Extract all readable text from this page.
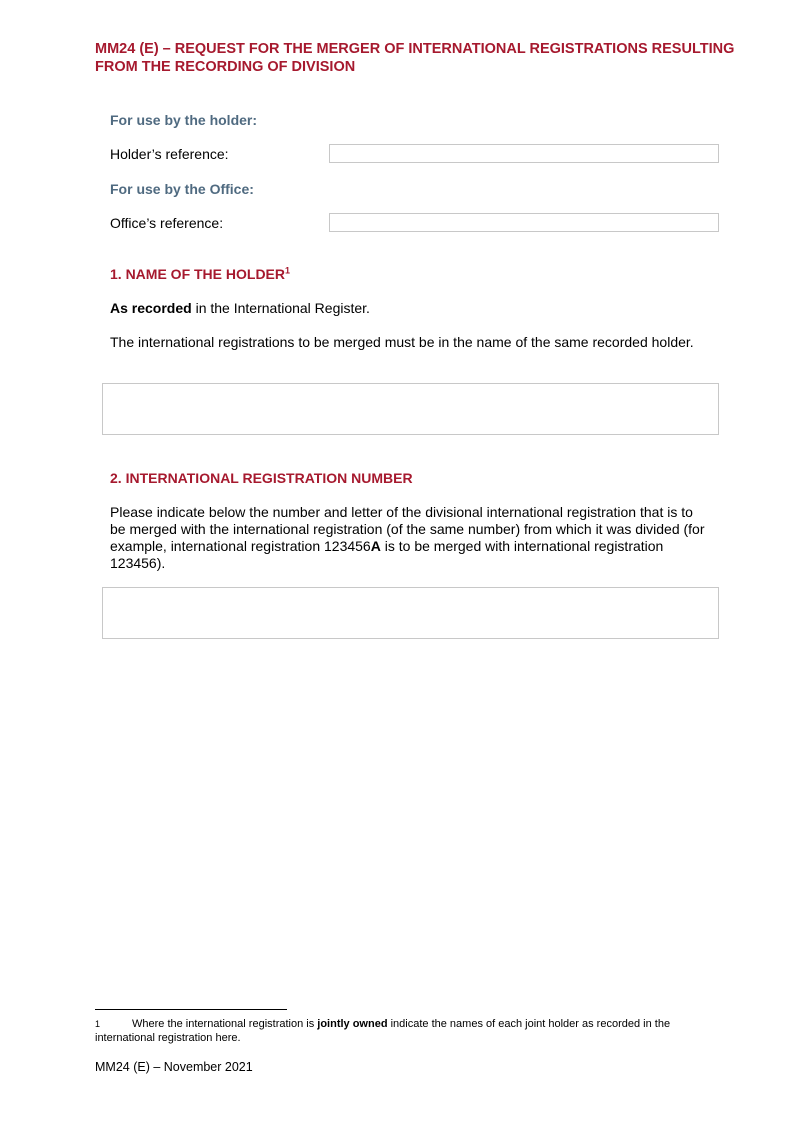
MM24 (E) – REQUEST FOR THE MERGER OF INTERNATIONAL REGISTRATIONS RESULTING FROM THE RECORDING OF DIVISION
For use by the holder:
Holder’s reference:
For use by the Office:
Office’s reference:
1. NAME OF THE HOLDER$^1$
As recorded in the International Register.
The international registrations to be merged must be in the name of the same recorded holder.
2. INTERNATIONAL REGISTRATION NUMBER
Please indicate below the number and letter of the divisional international registration that is to be merged with the international registration (of the same number) from which it was divided (for example, international registration 123456A is to be merged with international registration 123456).
1	Where the international registration is jointly owned indicate the names of each joint holder as recorded in the international registration here.
MM24 (E) – November 2021
